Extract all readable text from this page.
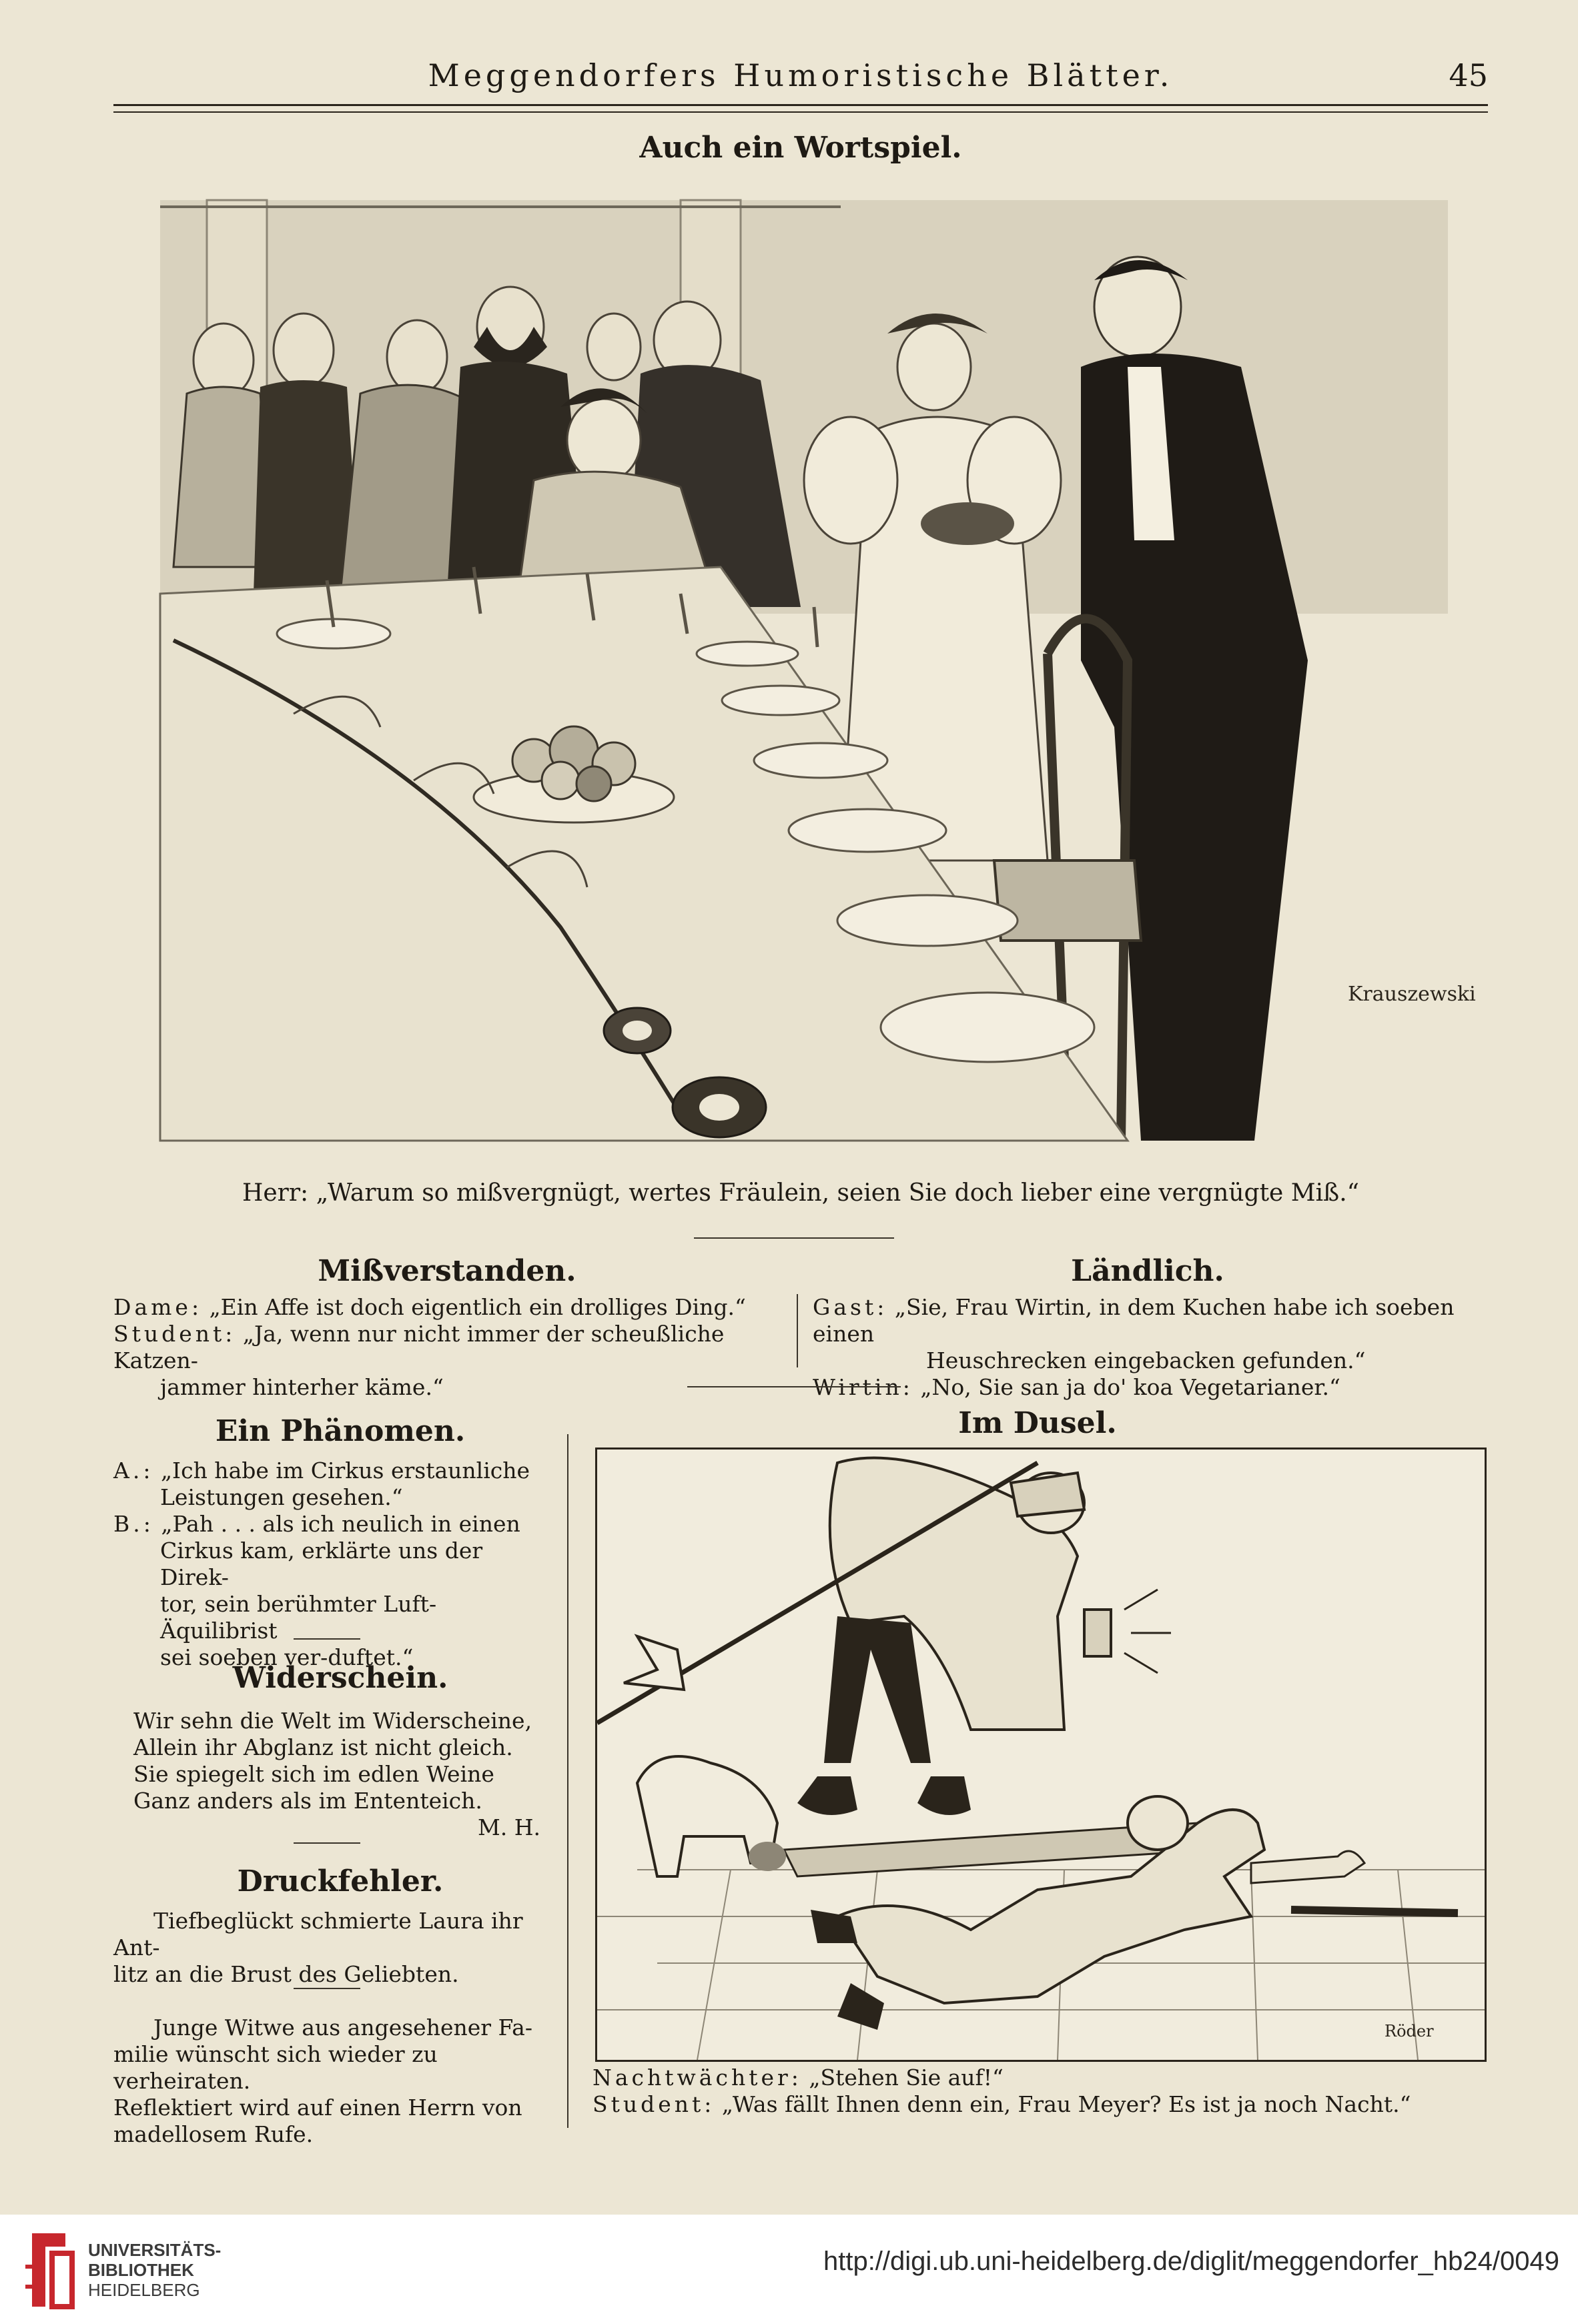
Meggendorfers Humoristische Blätter.	45
Auch ein Wortspiel.
Krauszewski
Herr: „Warum so mißvergnügt, wertes Fräulein, seien Sie doch lieber eine vergnügte Miß.“
Mißverstanden.
Dame: „Ein Affe ist doch eigentlich ein drolliges Ding.“
Student: „Ja, wenn nur nicht immer der scheußliche Katzen-
jammer hinterher käme.“
Ländlich.
Gast: „Sie, Frau Wirtin, in dem Kuchen habe ich soeben einen
Heuschrecken eingebacken gefunden.“
Wirtin: „No, Sie san ja do' koa Vegetarianer.“
Ein Phänomen.
A.: „Ich habe im Cirkus erstaunliche
Leistungen gesehen.“
B.: „Pah . . . als ich neulich in einen
Cirkus kam, erklärte uns der Direk-
tor, sein berühmter Luft-Äquilibrist
sei soeben ver-duftet.“
Widerschein.
Wir sehn die Welt im Widerscheine,
Allein ihr Abglanz ist nicht gleich.
Sie spiegelt sich im edlen Weine
Ganz anders als im Ententeich.
M. H.
Druckfehler.
Tiefbeglückt schmierte Laura ihr Ant-
litz an die Brust des Geliebten.
Junge Witwe aus angesehener Fa-
milie wünscht sich wieder zu verheiraten.
Reflektiert wird auf einen Herrn von
madellosem Rufe.
Im Dusel.
Röder
Nachtwächter: „Stehen Sie auf!“
Student: „Was fällt Ihnen denn ein, Frau Meyer? Es ist ja noch Nacht.“
UNIVERSITÄTS-
BIBLIOTHEK
HEIDELBERG
http://digi.ub.uni-heidelberg.de/diglit/meggendorfer_hb24/0049
